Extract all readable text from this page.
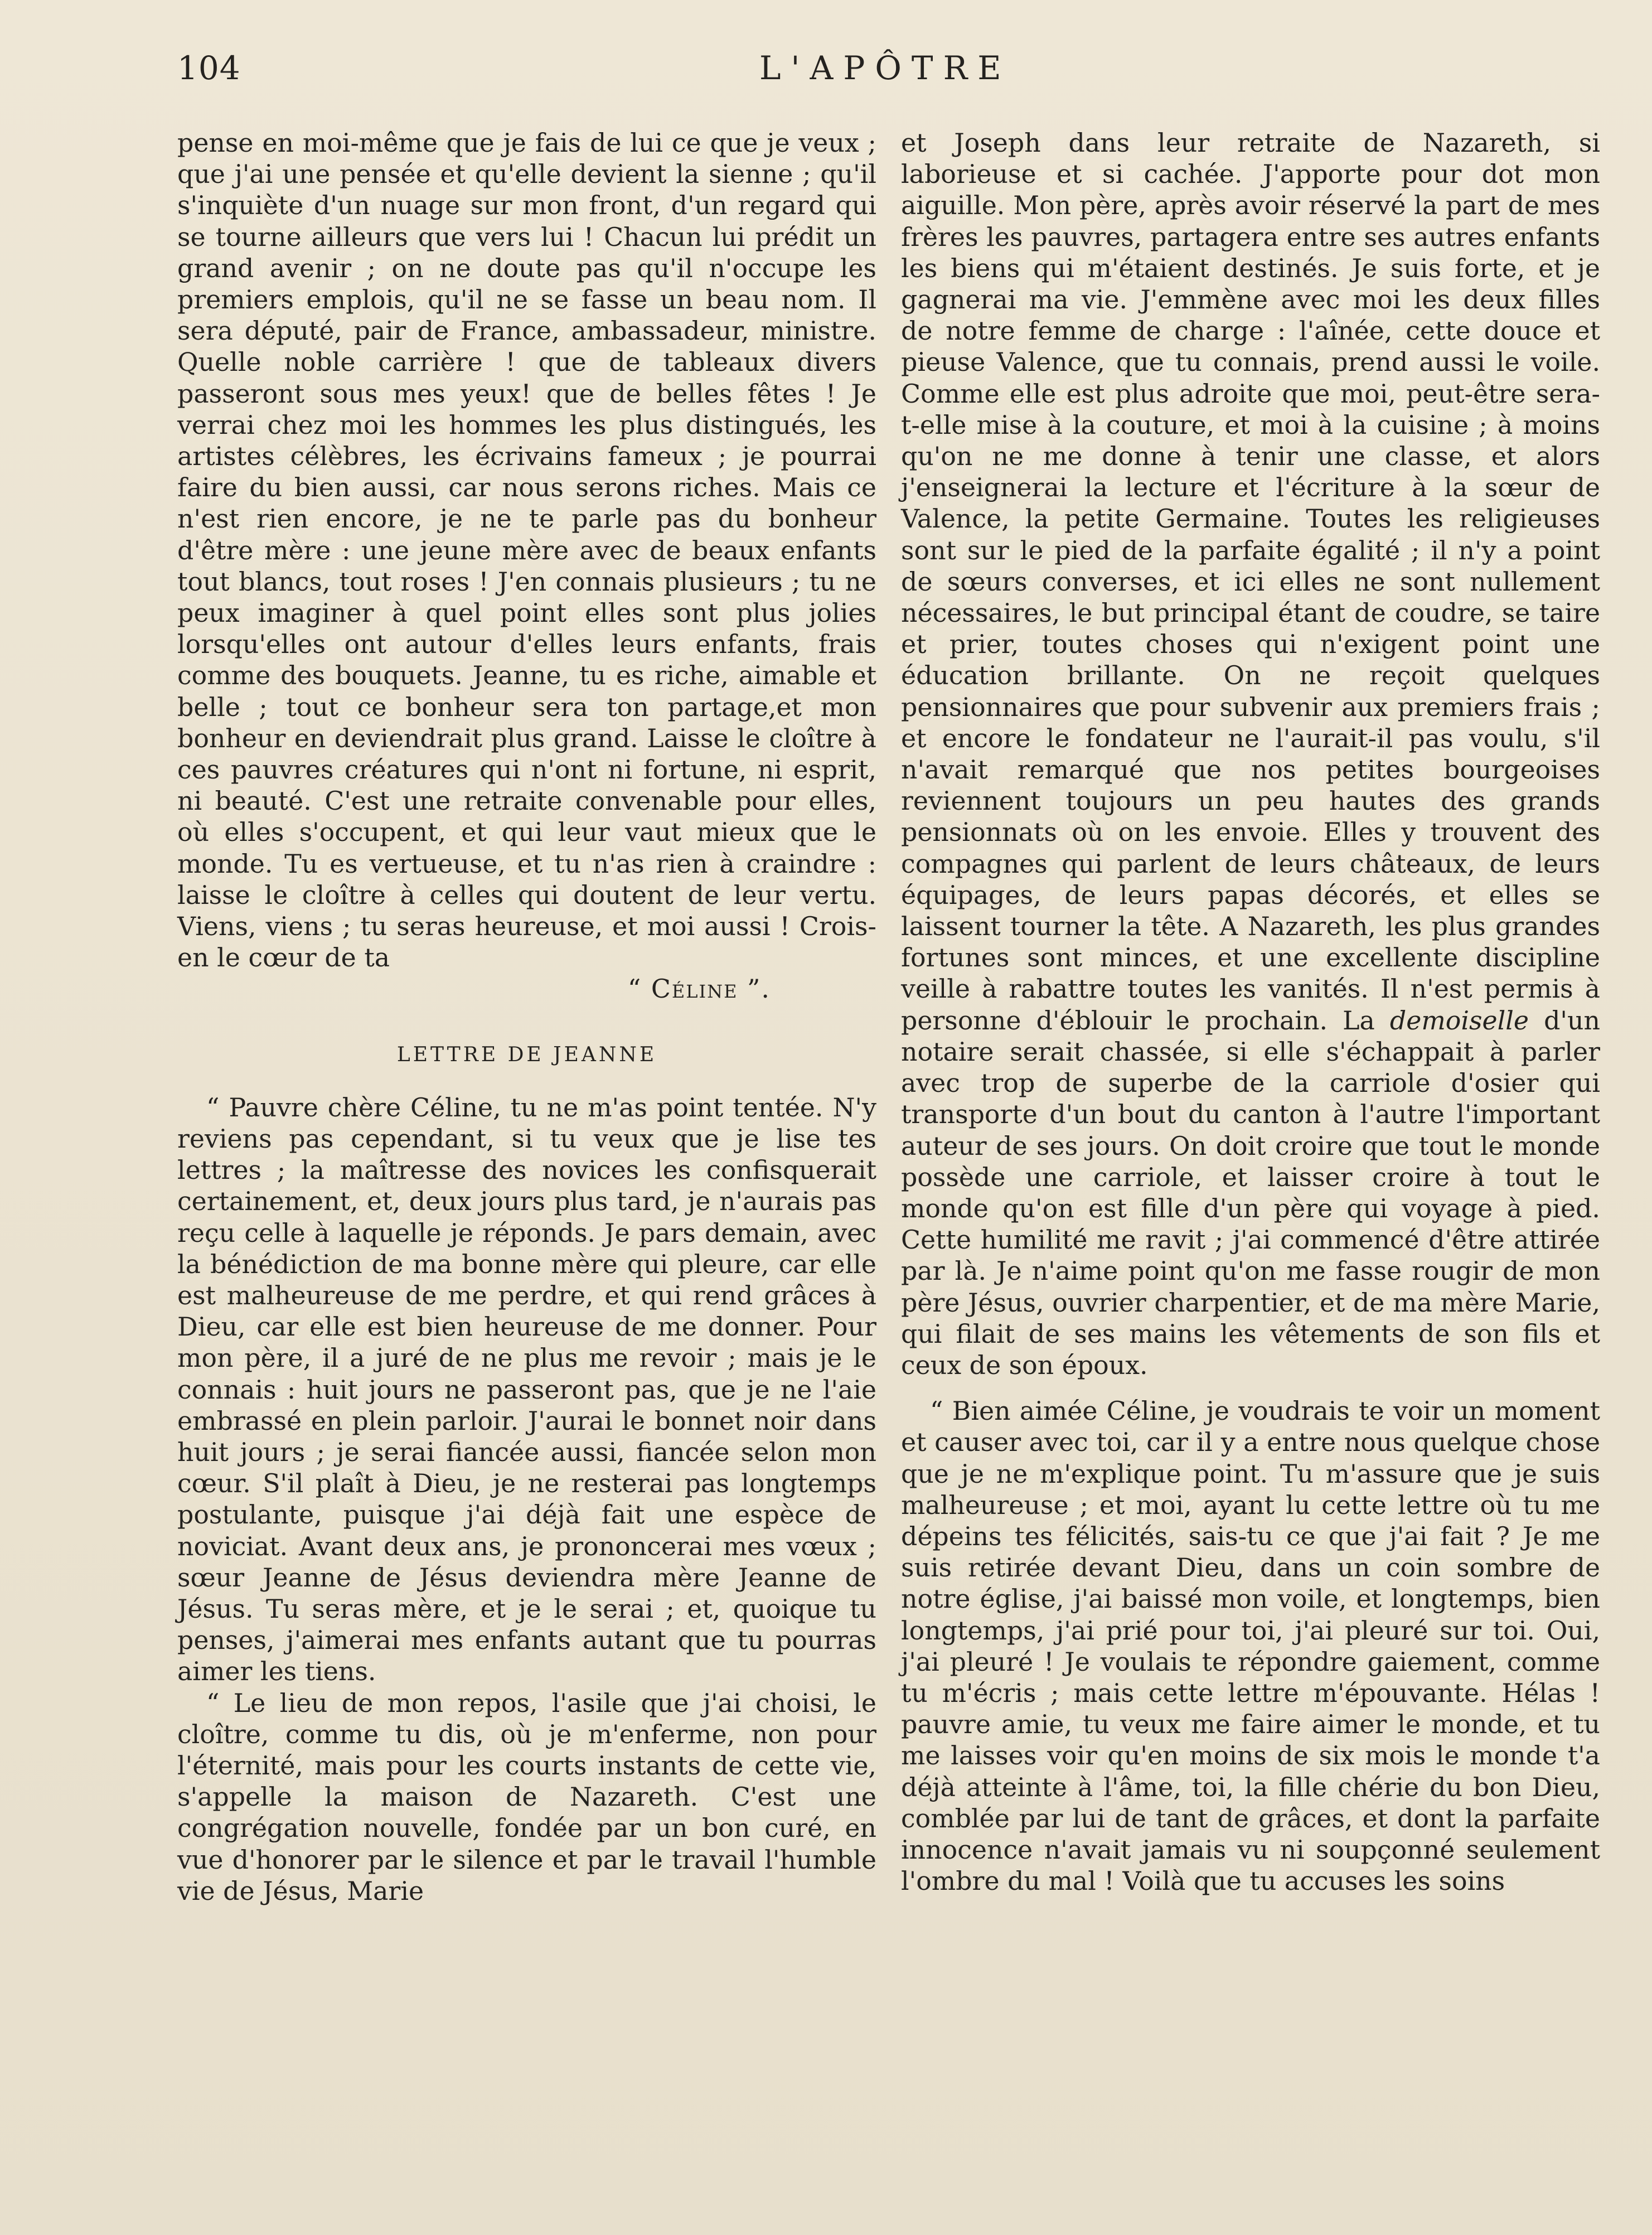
104	L'APÔTRE

pense en moi-même que je fais de lui ce que je veux ; que j'ai une pensée et qu'elle devient la sienne ; qu'il s'inquiète d'un nuage sur mon front, d'un regard qui se tourne ailleurs que vers lui ! Chacun lui prédit un grand avenir ; on ne doute pas qu'il n'occupe les premiers emplois, qu'il ne se fasse un beau nom. Il sera député, pair de France, ambassadeur, ministre. Quelle noble carrière ! que de tableaux divers passeront sous mes yeux! que de belles fêtes ! Je verrai chez moi les hommes les plus distingués, les artistes célèbres, les écrivains fameux ; je pourrai faire du bien aussi, car nous serons riches. Mais ce n'est rien encore, je ne te parle pas du bonheur d'être mère : une jeune mère avec de beaux enfants tout blancs, tout roses ! J'en connais plusieurs ; tu ne peux imaginer à quel point elles sont plus jolies lorsqu'elles ont autour d'elles leurs enfants, frais comme des bouquets. Jeanne, tu es riche, aimable et belle ; tout ce bonheur sera ton partage,et mon bonheur en deviendrait plus grand. Laisse le cloître à ces pauvres créatures qui n'ont ni fortune, ni esprit, ni beauté. C'est une retraite convenable pour elles, où elles s'occupent, et qui leur vaut mieux que le monde. Tu es vertueuse, et tu n'as rien à craindre : laisse le cloître à celles qui doutent de leur vertu. Viens, viens ; tu seras heureuse, et moi aussi ! Crois-en le cœur de ta

“ Céline ”.

LETTRE DE JEANNE

“ Pauvre chère Céline, tu ne m'as point tentée. N'y reviens pas cependant, si tu veux que je lise tes lettres ; la maîtresse des novices les confisquerait certainement, et, deux jours plus tard, je n'aurais pas reçu celle à laquelle je réponds. Je pars demain, avec la bénédiction de ma bonne mère qui pleure, car elle est malheureuse de me perdre, et qui rend grâces à Dieu, car elle est bien heureuse de me donner. Pour mon père, il a juré de ne plus me revoir ; mais je le connais : huit jours ne passeront pas, que je ne l'aie embrassé en plein parloir. J'aurai le bonnet noir dans huit jours ; je serai fiancée aussi, fiancée selon mon cœur. S'il plaît à Dieu, je ne resterai pas longtemps postulante, puisque j'ai déjà fait une espèce de noviciat. Avant deux ans, je prononcerai mes vœux ; sœur Jeanne de Jésus deviendra mère Jeanne de Jésus. Tu seras mère, et je le serai ; et, quoique tu penses, j'aimerai mes enfants autant que tu pourras aimer les tiens.

“ Le lieu de mon repos, l'asile que j'ai choisi, le cloître, comme tu dis, où je m'enferme, non pour l'éternité, mais pour les courts instants de cette vie, s'appelle la maison de Nazareth. C'est une congrégation nouvelle, fondée par un bon curé, en vue d'honorer par le silence et par le travail l'humble vie de Jésus, Marie

et Joseph dans leur retraite de Nazareth, si laborieuse et si cachée. J'apporte pour dot mon aiguille. Mon père, après avoir réservé la part de mes frères les pauvres, partagera entre ses autres enfants les biens qui m'étaient destinés. Je suis forte, et je gagnerai ma vie. J'emmène avec moi les deux filles de notre femme de charge : l'aînée, cette douce et pieuse Valence, que tu connais, prend aussi le voile. Comme elle est plus adroite que moi, peut-être sera-t-elle mise à la couture, et moi à la cuisine ; à moins qu'on ne me donne à tenir une classe, et alors j'enseignerai la lecture et l'écriture à la sœur de Valence, la petite Germaine. Toutes les religieuses sont sur le pied de la parfaite égalité ; il n'y a point de sœurs converses, et ici elles ne sont nullement nécessaires, le but principal étant de coudre, se taire et prier, toutes choses qui n'exigent point une éducation brillante. On ne reçoit quelques pensionnaires que pour subvenir aux premiers frais ; et encore le fondateur ne l'aurait-il pas voulu, s'il n'avait remarqué que nos petites bourgeoises reviennent toujours un peu hautes des grands pensionnats où on les envoie. Elles y trouvent des compagnes qui parlent de leurs châteaux, de leurs équipages, de leurs papas décorés, et elles se laissent tourner la tête. A Nazareth, les plus grandes fortunes sont minces, et une excellente discipline veille à rabattre toutes les vanités. Il n'est permis à personne d'éblouir le prochain. La demoiselle d'un notaire serait chassée, si elle s'échappait à parler avec trop de superbe de la carriole d'osier qui transporte d'un bout du canton à l'autre l'important auteur de ses jours. On doit croire que tout le monde possède une carriole, et laisser croire à tout le monde qu'on est fille d'un père qui voyage à pied. Cette humilité me ravit ; j'ai commencé d'être attirée par là. Je n'aime point qu'on me fasse rougir de mon père Jésus, ouvrier charpentier, et de ma mère Marie, qui filait de ses mains les vêtements de son fils et ceux de son époux.

“ Bien aimée Céline, je voudrais te voir un moment et causer avec toi, car il y a entre nous quelque chose que je ne m'explique point. Tu m'assure que je suis malheureuse ; et moi, ayant lu cette lettre où tu me dépeins tes félicités, sais-tu ce que j'ai fait ? Je me suis retirée devant Dieu, dans un coin sombre de notre église, j'ai baissé mon voile, et longtemps, bien longtemps, j'ai prié pour toi, j'ai pleuré sur toi. Oui, j'ai pleuré ! Je voulais te répondre gaiement, comme tu m'écris ; mais cette lettre m'épouvante. Hélas ! pauvre amie, tu veux me faire aimer le monde, et tu me laisses voir qu'en moins de six mois le monde t'a déjà atteinte à l'âme, toi, la fille chérie du bon Dieu, comblée par lui de tant de grâces, et dont la parfaite innocence n'avait jamais vu ni soupçonné seulement l'ombre du mal ! Voilà que tu accuses les soins
